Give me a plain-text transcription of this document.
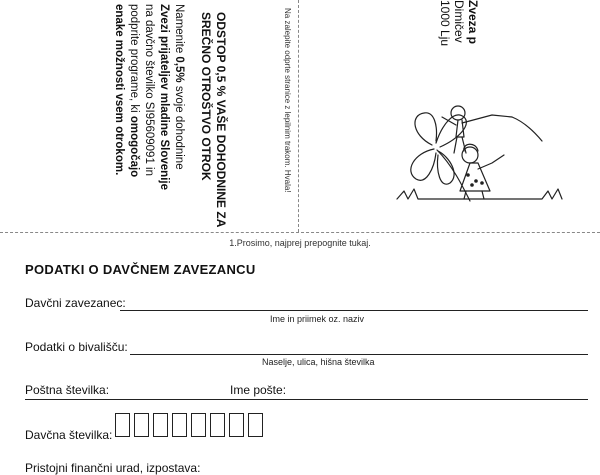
ODSTOP 0,5 % VAŠE DOHODNINE ZA
SREČNO OTROŠTVO OTROK
Namenite 0,5% svoje dohodnine
Zvezi prijateljev mladine Slovenije
na davčno številko SI95609091 in
podprite programe, ki omogočajo
enake možnosti vsem otrokom.	Na zalepite odprte stranice z lepilnim trakom. Hvala!	Zveza p
Dimičev
1000 Lju
1.Prosimo, najprej prepognite tukaj.
PODATKI O DAVČNEM ZAVEZANCU
Davčni zavezanec:
Ime in priimek oz. naziv
Podatki o bivališču:
Naselje, ulica, hišna številka
Poštna številka:	Ime pošte:
Davčna številka:
Pristojni finančni urad, izpostava:
